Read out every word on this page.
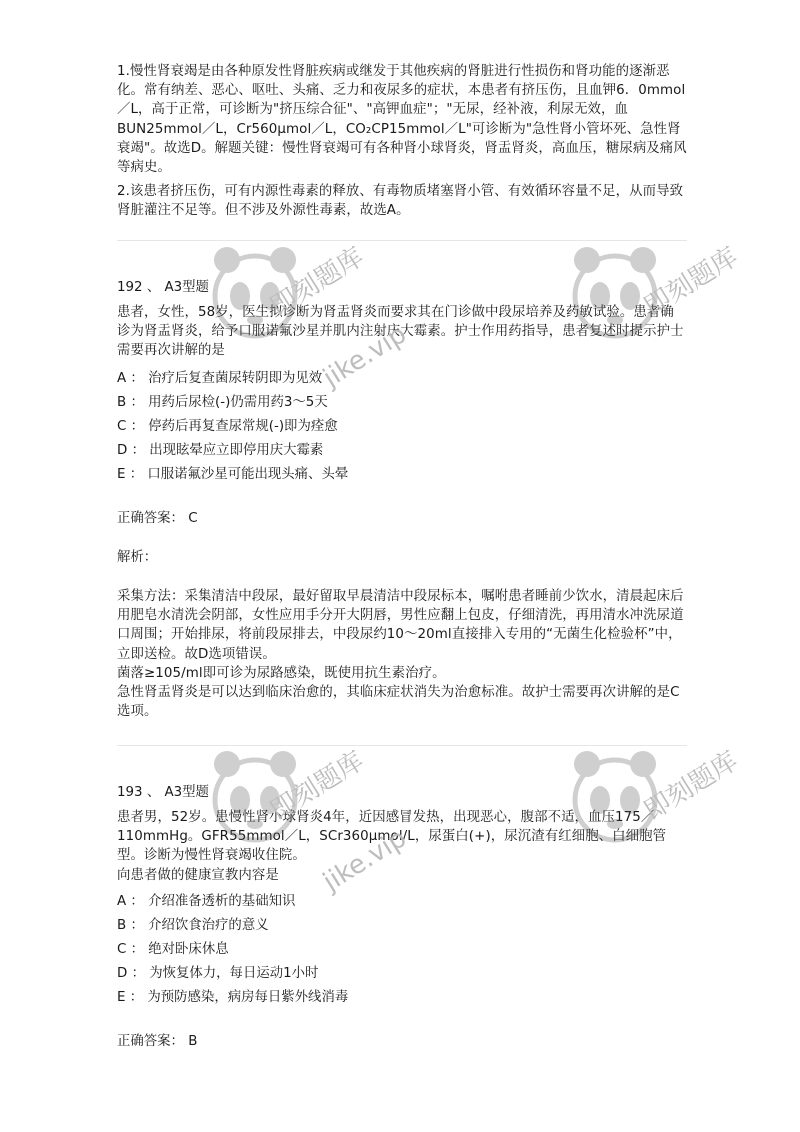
1.慢性肾衰竭是由各种原发性肾脏疾病或继发于其他疾病的肾脏进行性损伤和肾功能的逐渐恶化。常有纳差、恶心、呕吐、头痛、乏力和夜尿多的症状，本患者有挤压伤，且血钾6．0mmol／L，高于正常，可诊断为"挤压综合征"、"高钾血症"；"无尿，经补液，利尿无效，血BUN25mmol／L，Cr560μmol／L，CO₂CP15mmol／L"可诊断为"急性肾小管坏死、急性肾衰竭"。故选D。解题关键：慢性肾衰竭可有各种肾小球肾炎，肾盂肾炎，高血压，糖尿病及痛风等病史。
2.该患者挤压伤，可有内源性毒素的释放、有毒物质堵塞肾小管、有效循环容量不足，从而导致肾脏灌注不足等。但不涉及外源性毒素，故选A。
192 、 A3型题
患者，女性，58岁，医生拟诊断为肾盂肾炎而要求其在门诊做中段尿培养及药敏试验。患者确诊为肾盂肾炎，给予口服诺氟沙星并肌内注射庆大霉素。护士作用药指导，患者复述时提示护士需要再次讲解的是
A ： 治疗后复查菌尿转阴即为见效
B ： 用药后尿检(-)仍需用药3～5天
C ： 停药后再复查尿常规(-)即为痊愈
D ： 出现眩晕应立即停用庆大霉素
E ： 口服诺氟沙星可能出现头痛、头晕
正确答案： C
解析：
采集方法：采集清洁中段尿，最好留取早晨清洁中段尿标本，嘱咐患者睡前少饮水，清晨起床后用肥皂水清洗会阴部，女性应用手分开大阴唇，男性应翻上包皮，仔细清洗，再用清水冲洗尿道口周围；开始排尿，将前段尿排去，中段尿约10～20ml直接排入专用的“无菌生化检验杯”中，立即送检。故D选项错误。
菌落≥105/ml即可诊为尿路感染，既使用抗生素治疗。
急性肾盂肾炎是可以达到临床治愈的，其临床症状消失为治愈标准。故护士需要再次讲解的是C选项。
193 、 A3型题
患者男，52岁。患慢性肾小球肾炎4年，近因感冒发热，出现恶心，腹部不适，血压175／110mmHg。GFR55mmol／L，SCr360μmol/L，尿蛋白(+)，尿沉渣有红细胞、白细胞管型。诊断为慢性肾衰竭收住院。
向患者做的健康宣教内容是
A ： 介绍准备透析的基础知识
B ： 介绍饮食治疗的意义
C ： 绝对卧床休息
D ： 为恢复体力，每日运动1小时
E ： 为预防感染，病房每日紫外线消毒
正确答案： B
即刻题库
jike.vip
即刻题库
即刻题库
jike.vip
即刻题库
